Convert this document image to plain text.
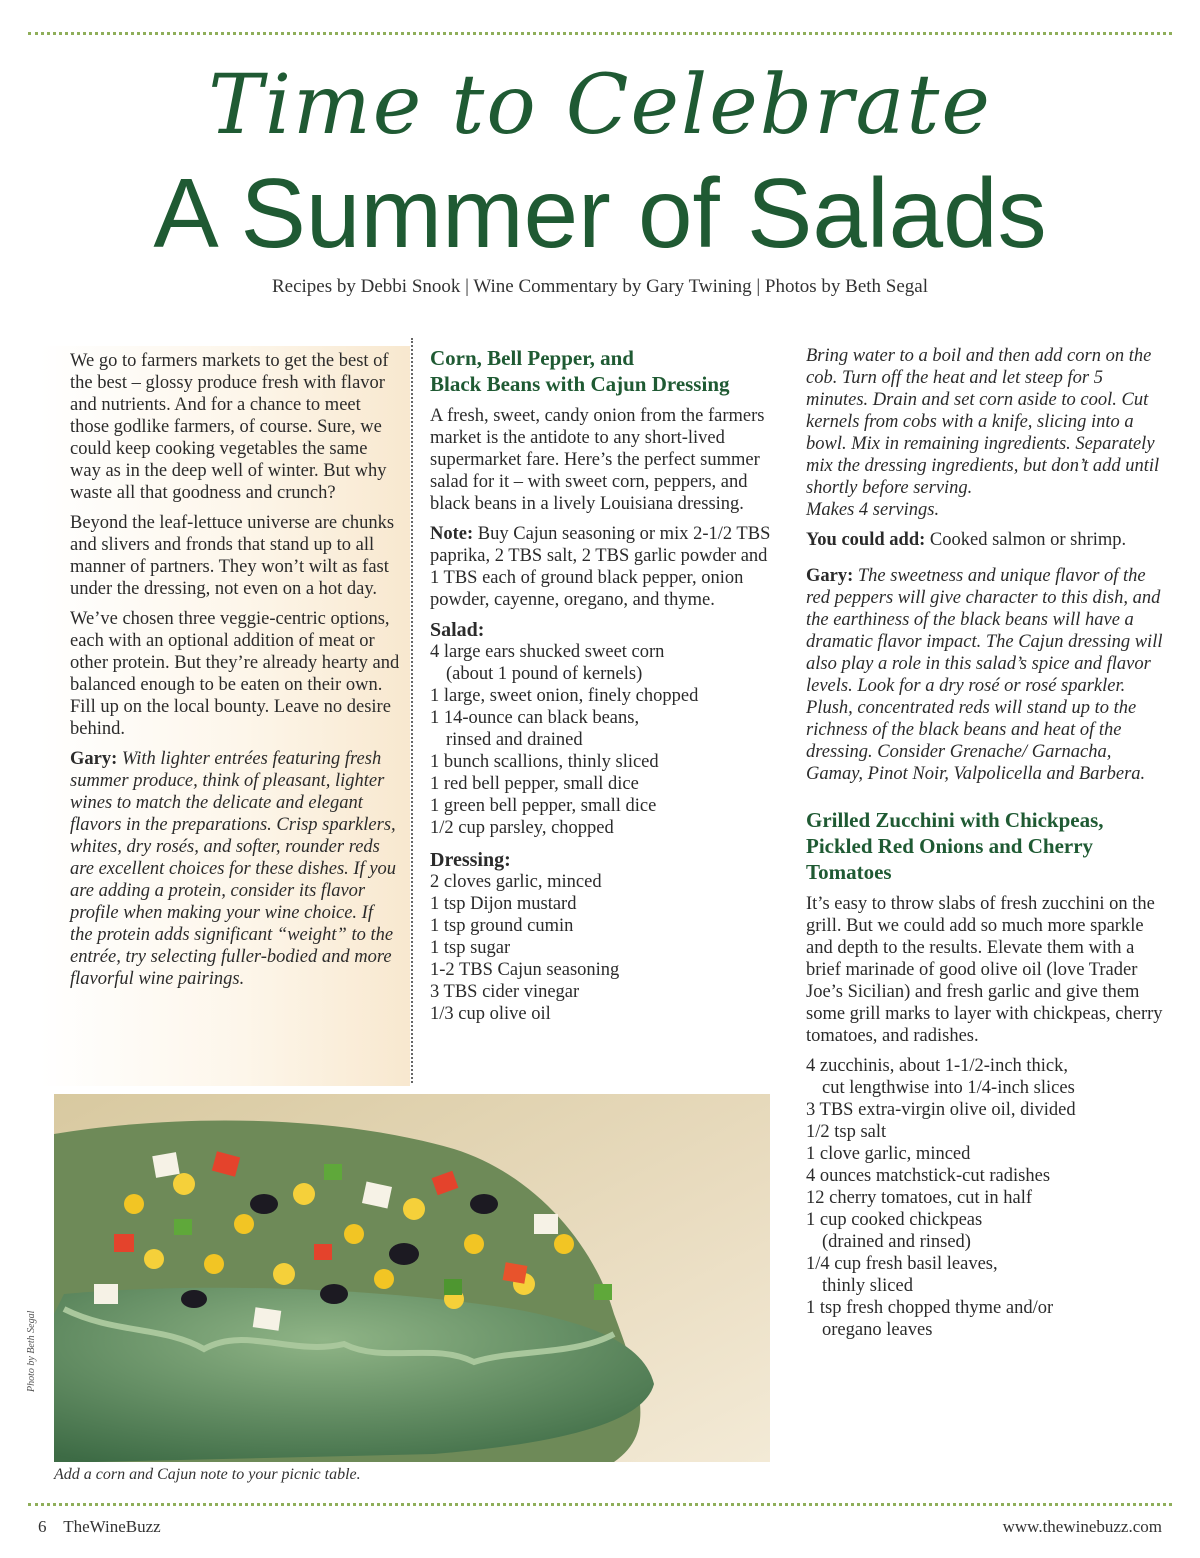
Time to Celebrate
A Summer of Salads
Recipes by Debbi Snook | Wine Commentary by Gary Twining | Photos by Beth Segal

We go to farmers markets to get the best of the best – glossy produce fresh with flavor and nutrients. And for a chance to meet those godlike farmers, of course. Sure, we could keep cooking vegetables the same way as in the deep well of winter. But why waste all that goodness and crunch?

Beyond the leaf-lettuce universe are chunks and slivers and fronds that stand up to all manner of partners. They won’t wilt as fast under the dressing, not even on a hot day.

We’ve chosen three veggie-centric options, each with an optional addition of meat or other protein. But they’re already hearty and balanced enough to be eaten on their own. Fill up on the local bounty. Leave no desire behind.

Gary: With lighter entrées featuring fresh summer produce, think of pleasant, lighter wines to match the delicate and elegant flavors in the preparations. Crisp sparklers, whites, dry rosés, and softer, rounder reds are excellent choices for these dishes. If you are adding a protein, consider its flavor profile when making your wine choice. If the protein adds significant “weight” to the entrée, try selecting fuller-bodied and more flavorful wine pairings.

Corn, Bell Pepper, and
Black Beans with Cajun Dressing

A fresh, sweet, candy onion from the farmers market is the antidote to any short-lived supermarket fare. Here’s the perfect summer salad for it – with sweet corn, peppers, and black beans in a lively Louisiana dressing.

Note: Buy Cajun seasoning or mix 2-1/2 TBS paprika, 2 TBS salt, 2 TBS garlic powder and 1 TBS each of ground black pepper, onion powder, cayenne, oregano, and thyme.

Salad:
4 large ears shucked sweet corn
(about 1 pound of kernels)
1 large, sweet onion, finely chopped
1 14-ounce can black beans,
rinsed and drained
1 bunch scallions, thinly sliced
1 red bell pepper, small dice
1 green bell pepper, small dice
1/2 cup parsley, chopped
Dressing:
2 cloves garlic, minced
1 tsp Dijon mustard
1 tsp ground cumin
1 tsp sugar
1-2 TBS Cajun seasoning
3 TBS cider vinegar
1/3 cup olive oil

Bring water to a boil and then add corn on the cob. Turn off the heat and let steep for 5 minutes. Drain and set corn aside to cool. Cut kernels from cobs with a knife, slicing into a bowl. Mix in remaining ingredients. Separately mix the dressing ingredients, but don’t add until shortly before serving.

Makes 4 servings.

You could add: Cooked salmon or shrimp.

Gary: The sweetness and unique flavor of the red peppers will give character to this dish, and the earthiness of the black beans will have a dramatic flavor impact. The Cajun dressing will also play a role in this salad’s spice and flavor levels. Look for a dry rosé or rosé sparkler. Plush, concentrated reds will stand up to the richness of the black beans and heat of the dressing. Consider Grenache/ Garnacha, Gamay, Pinot Noir, Valpolicella and Barbera.

Grilled Zucchini with Chickpeas, Pickled Red Onions and Cherry Tomatoes

It’s easy to throw slabs of fresh zucchini on the grill. But we could add so much more sparkle and depth to the results. Elevate them with a brief marinade of good olive oil (love Trader Joe’s Sicilian) and fresh garlic and give them some grill marks to layer with chickpeas, cherry tomatoes, and radishes.

4 zucchinis, about 1-1/2-inch thick,
cut lengthwise into 1/4-inch slices
3 TBS extra-virgin olive oil, divided
1/2 tsp salt
1 clove garlic, minced
4 ounces matchstick-cut radishes
12 cherry tomatoes, cut in half
1 cup cooked chickpeas
(drained and rinsed)
1/4 cup fresh basil leaves,
thinly sliced
1 tsp fresh chopped thyme and/or
oregano leaves
Photo by Beth Segal
Add a corn and Cajun note to your picnic table.
6 TheWineBuzz	www.thewinebuzz.com
